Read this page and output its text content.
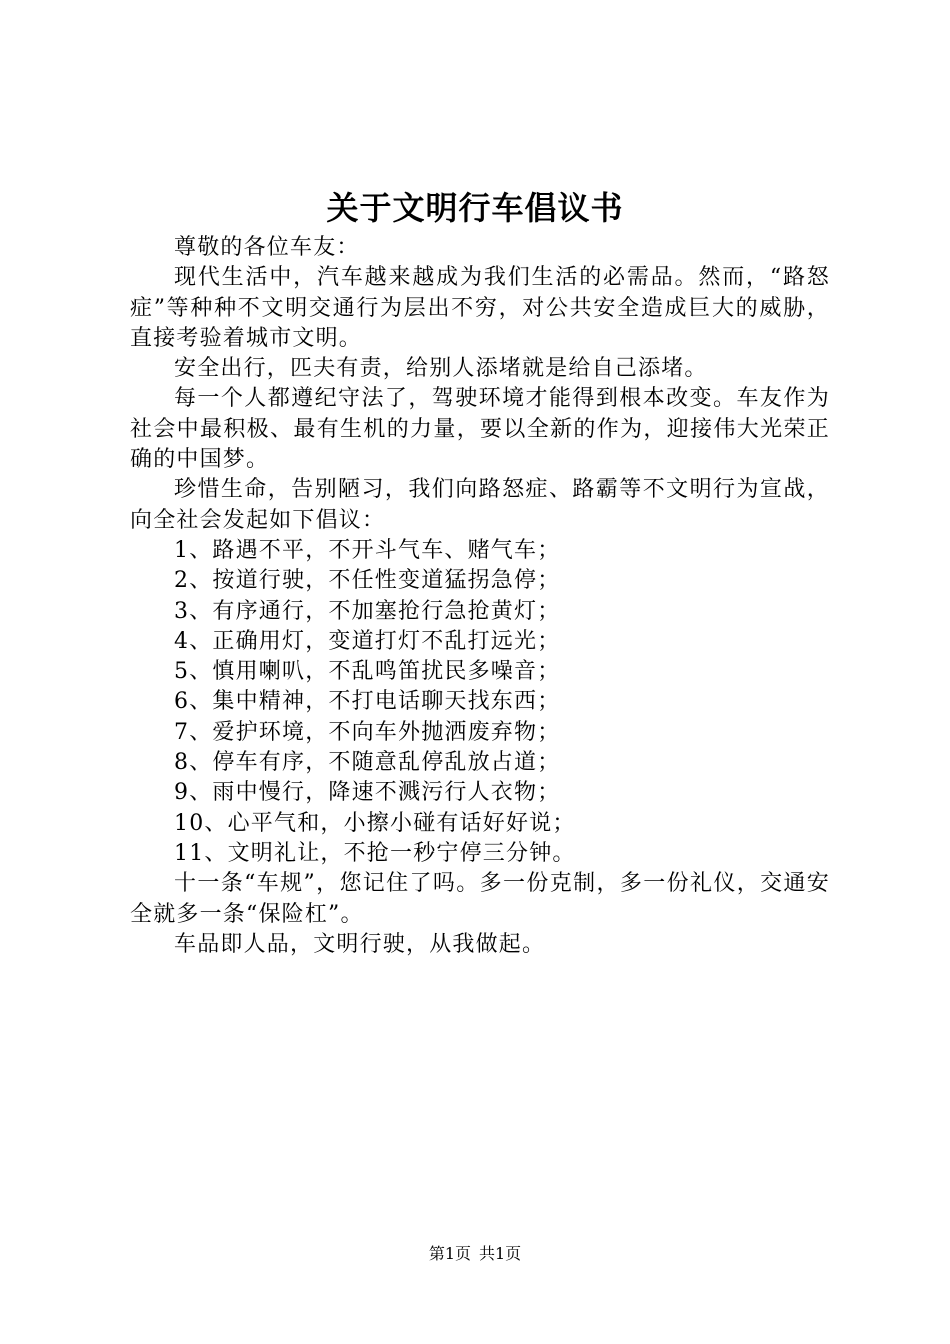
关于文明行车倡议书

尊敬的各位车友：

现代生活中，汽车越来越成为我们生活的必需品。然而，“路怒症”等种种不文明交通行为层出不穷，对公共安全造成巨大的威胁，直接考验着城市文明。

安全出行，匹夫有责，给别人添堵就是给自己添堵。

每一个人都遵纪守法了，驾驶环境才能得到根本改变。车友作为社会中最积极、最有生机的力量，要以全新的作为，迎接伟大光荣正确的中国梦。

珍惜生命，告别陋习，我们向路怒症、路霸等不文明行为宣战，向全社会发起如下倡议：

1、路遇不平，不开斗气车、赌气车；

2、按道行驶，不任性变道猛拐急停；

3、有序通行，不加塞抢行急抢黄灯；

4、正确用灯，变道打灯不乱打远光；

5、慎用喇叭，不乱鸣笛扰民多噪音；

6、集中精神，不打电话聊天找东西；

7、爱护环境，不向车外抛洒废弃物；

8、停车有序，不随意乱停乱放占道；

9、雨中慢行，降速不溅污行人衣物；

10、心平气和，小擦小碰有话好好说；

11、文明礼让，不抢一秒宁停三分钟。

十一条“车规”，您记住了吗。多一份克制，多一份礼仪，交通安全就多一条“保险杠”。

车品即人品，文明行驶，从我做起。

第1页 共1页
